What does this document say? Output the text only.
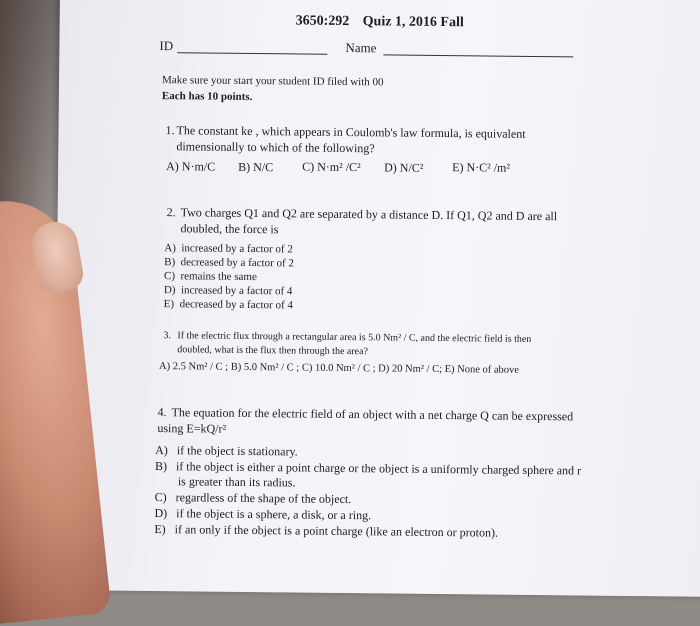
3650:292 Quiz 1, 2016 Fall
ID	Name
Make sure your start your student ID filed with 00
Each has 10 points.
1. The constant ke , which appears in Coulomb's law formula, is equivalent
dimensionally to which of the following?
A) N·m/C B) N/C C) N·m² /C² D) N/C² E) N·C² /m²
2. Two charges Q1 and Q2 are separated by a distance D. If Q1, Q2 and D are all
doubled, the force is
A) increased by a factor of 2
B) decreased by a factor of 2
C) remains the same
D) increased by a factor of 4
E) decreased by a factor of 4
3. If the electric flux through a rectangular area is 5.0 Nm² / C, and the electric field is then
doubled, what is the flux then through the area?
A) 2.5 Nm² / C ; B) 5.0 Nm² / C ; C) 10.0 Nm² / C ; D) 20 Nm² / C; E) None of above
4. The equation for the electric field of an object with a net charge Q can be expressed
using E=kQ/r²
A) if the object is stationary.
B) if the object is either a point charge or the object is a uniformly charged sphere and r
is greater than its radius.
C) regardless of the shape of the object.
D) if the object is a sphere, a disk, or a ring.
E) if an only if the object is a point charge (like an electron or proton).
